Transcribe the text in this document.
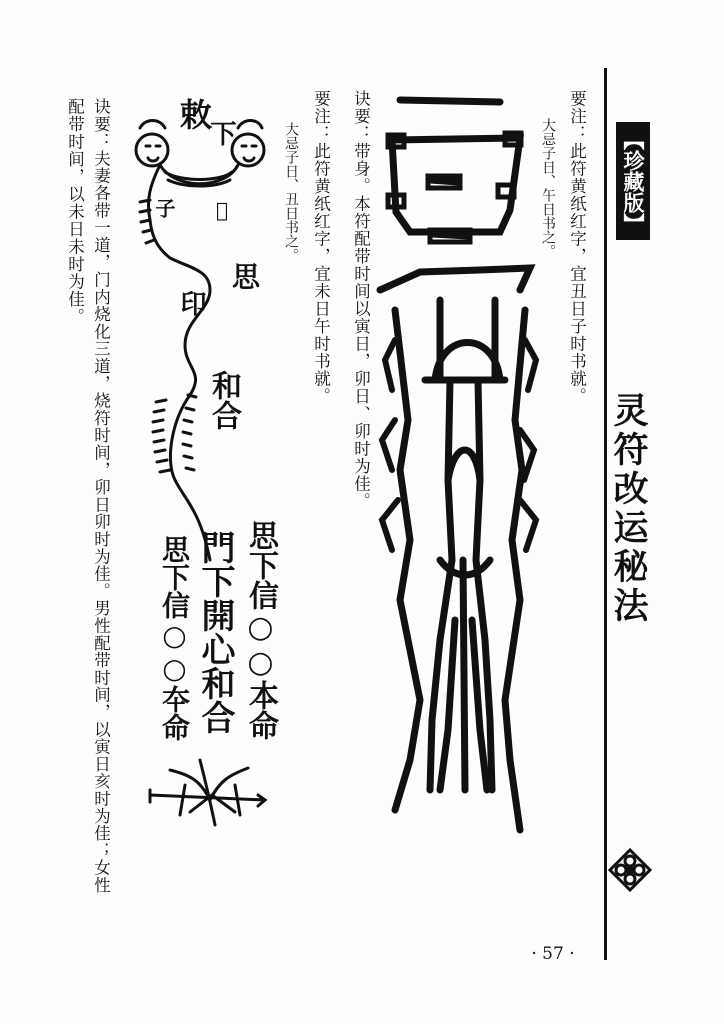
【珍藏版】
灵符改运秘法
要注：此符黄纸红字，宜丑日子时书就。
大忌子日、午日书之。
诀要：带身。本符配带时间以寅日，卯日、卯时为佳。
要注：此符黄纸红字，宜未日午时书就。
大忌子日、丑日书之。
敕
下
子 𠃨
思
印
和合
思下信○○本命
門下開心和合
思下信○○夲命
诀要：夫妻各带一道，门内烧化三道，烧符时间，卯日卯时为佳。男性配带时间，以寅日亥时为佳；女性
配带时间，以未日未时为佳。
· 57 ·
